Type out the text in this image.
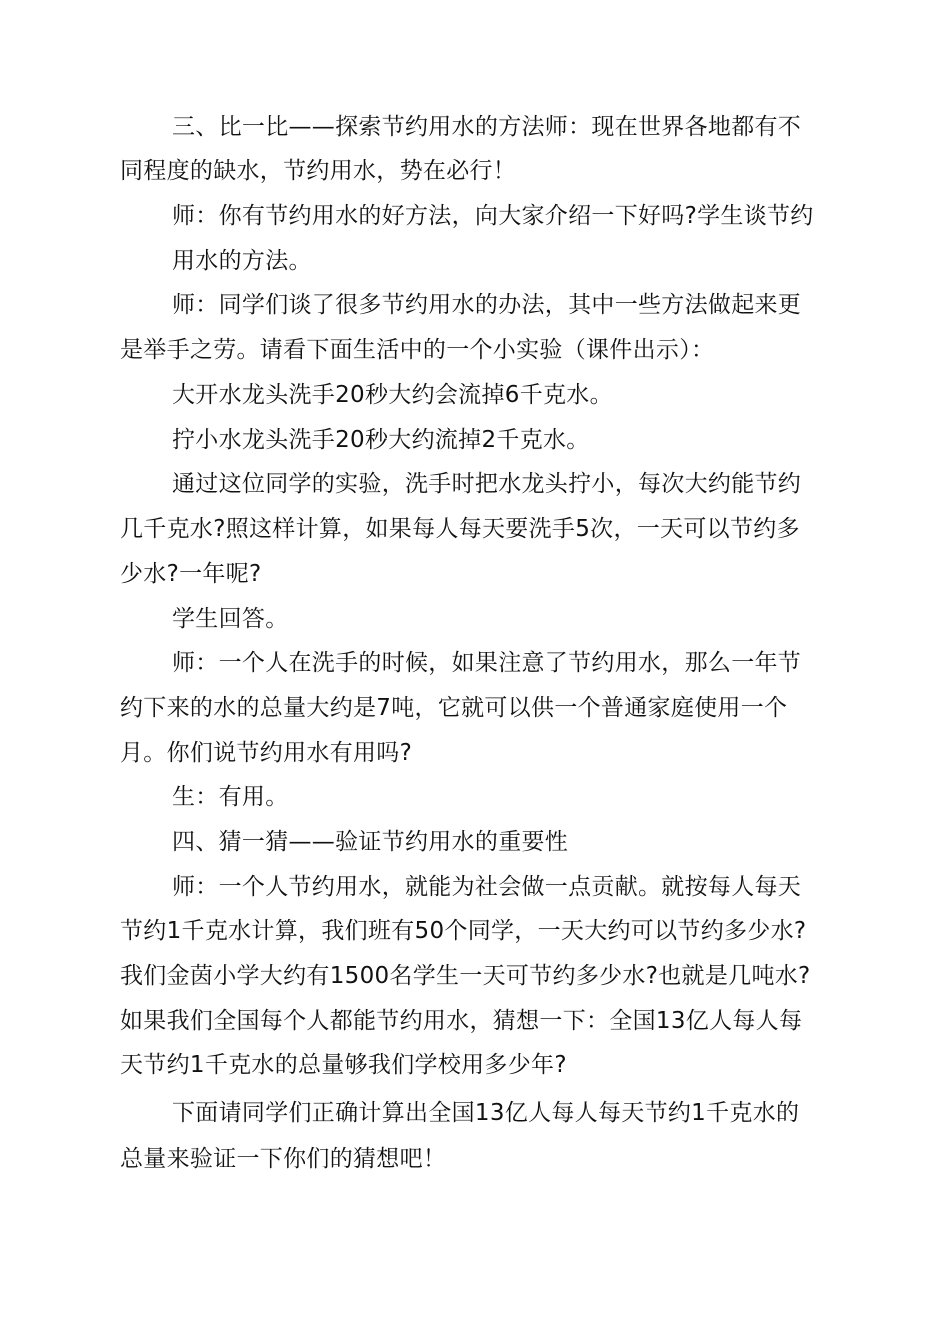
三、比一比——探索节约用水的方法师：现在世界各地都有不
同程度的缺水，节约用水，势在必行！
师：你有节约用水的好方法，向大家介绍一下好吗?学生谈节约
用水的方法。
师：同学们谈了很多节约用水的办法，其中一些方法做起来更
是举手之劳。请看下面生活中的一个小实验（课件出示）：
大开水龙头洗手20秒大约会流掉6千克水。
拧小水龙头洗手20秒大约流掉2千克水。
通过这位同学的实验，洗手时把水龙头拧小，每次大约能节约
几千克水?照这样计算，如果每人每天要洗手5次，一天可以节约多
少水?一年呢?
学生回答。
师：一个人在洗手的时候，如果注意了节约用水，那么一年节
约下来的水的总量大约是7吨，它就可以供一个普通家庭使用一个
月。你们说节约用水有用吗?
生：有用。
四、猜一猜——验证节约用水的重要性
师：一个人节约用水，就能为社会做一点贡献。就按每人每天
节约1千克水计算，我们班有50个同学，一天大约可以节约多少水?
我们金茵小学大约有1500名学生一天可节约多少水?也就是几吨水?
如果我们全国每个人都能节约用水，猜想一下：全国13亿人每人每
天节约1千克水的总量够我们学校用多少年?
下面请同学们正确计算出全国13亿人每人每天节约1千克水的
总量来验证一下你们的猜想吧！
